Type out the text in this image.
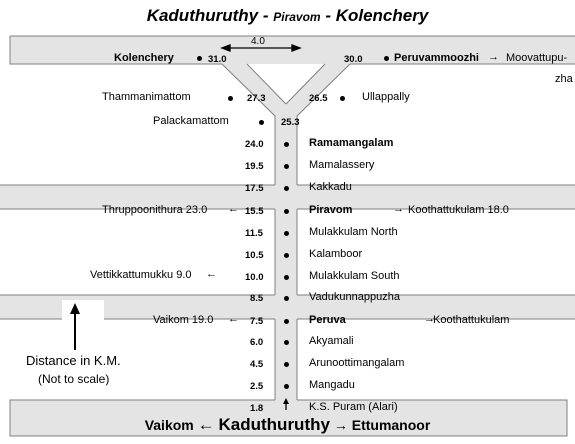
Kaduthuruthy - Piravom - Kolenchery
4.0
Kolenchery	31.0	30.0	Peruvammoozhi → Moovattupu-
zha
Thammanimattom	27.3	26.5	Ullappally
Palackamattom	25.3
24.0	Ramamangalam
19.5	Mamalassery
17.5	Kakkadu
Thruppoonithura 23.0 ← 15.5	Piravom	→ Koothattukulam 18.0
11.5	Mulakkulam North
10.5	Kalamboor
Vettikkattumukku 9.0 ←	10.0	Mulakkulam South
8.5	Vadukunnappuzha
Vaikom 19.0 ← 7.5	Peruva	→
Koothattukulam
6.0	Akyamali
4.5	Arunoottimangalam
2.5	Mangadu
1.8	K.S. Puram (Alari)
Distance in K.M.
(Not to scale)
Vaikom ← Kaduthuruthy → Ettumanoor
